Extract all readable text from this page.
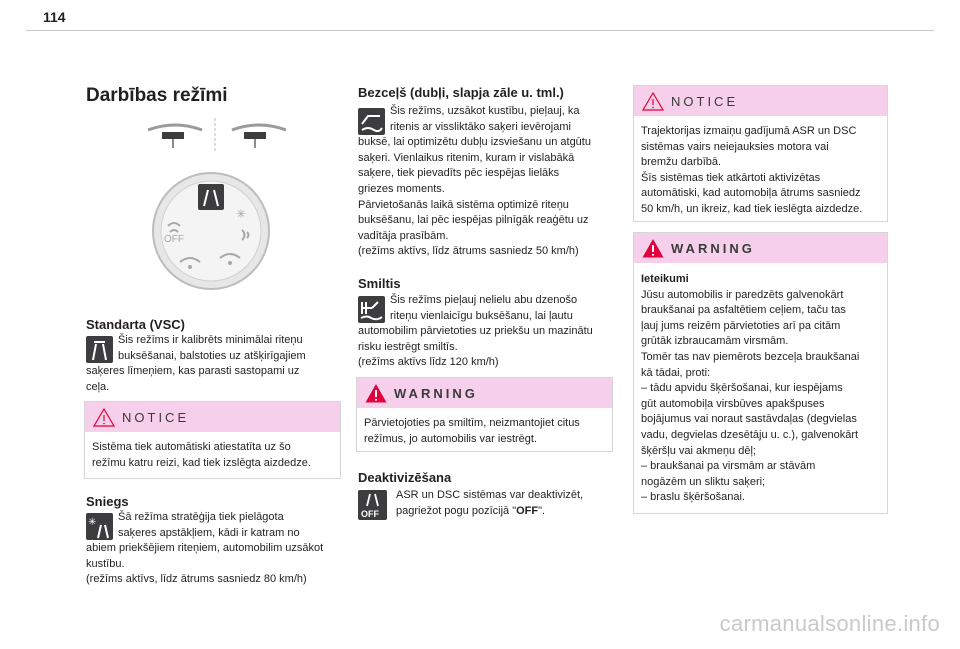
114
Darbības režīmi
✳
OFF
Standarta (VSC)
Šis režīms ir kalibrēts minimālai riteņu
buksēšanai, balstoties uz atšķirīgajiem
saķeres līmeņiem, kas parasti sastopami uz
ceļa.
NOTICE
Sistēma tiek automātiski atiestatīta uz šo
režīmu katru reizi, kad tiek izslēgta aizdedze.
Sniegs
✳	Šā režīma stratēģija tiek pielāgota
saķeres apstākļiem, kādi ir katram no
abiem priekšējiem riteņiem, automobilim uzsākot
kustību.
(režīms aktīvs, līdz ātrums sasniedz 80 km/h)
Bezceļš (dubļi, slapja zāle u. tml.)
Šis režīms, uzsākot kustību, pieļauj, ka
ritenis ar vissliktāko saķeri ievērojami
buksē, lai optimizētu dubļu izsviešanu un atgūtu
saķeri. Vienlaikus ritenim, kuram ir vislabākā
saķere, tiek pievadīts pēc iespējas lielāks
griezes moments.
Pārvietošanās laikā sistēma optimizē riteņu
buksēšanu, lai pēc iespējas pilnīgāk reaģētu uz
vadītāja prasībām.
(režīms aktīvs, līdz ātrums sasniedz 50 km/h)
Smiltis
Šis režīms pieļauj nelielu abu dzenošo
riteņu vienlaicīgu buksēšanu, lai ļautu
automobilim pārvietoties uz priekšu un mazinātu
risku iestrēgt smiltīs.
(režīms aktīvs līdz 120 km/h)
WARNING
Pārvietojoties pa smiltīm, neizmantojiet citus
režīmus, jo automobilis var iestrēgt.
Deaktivizēšana
OFF
ASR un DSC sistēmas var deaktivizēt,
pagriežot pogu pozīcijā "OFF".
NOTICE
Trajektorijas izmaiņu gadījumā ASR un DSC
sistēmas vairs neiejauksies motora vai
bremžu darbībā.
Šīs sistēmas tiek atkārtoti aktivizētas
automātiski, kad automobiļa ātrums sasniedz
50 km/h, un ikreiz, kad tiek ieslēgta aizdedze.
WARNING
Ieteikumi
Jūsu automobilis ir paredzēts galvenokārt
braukšanai pa asfaltētiem ceļiem, taču tas
ļauj jums reizēm pārvietoties arī pa citām
grūtāk izbraucamām virsmām.
Tomēr tas nav piemērots bezceļa braukšanai
kā tādai, proti:
– tādu apvidu šķēršošanai, kur iespējams
gūt automobiļa virsbūves apakšpuses
bojājumus vai noraut sastāvdaļas (degvielas
vadu, degvielas dzesētāju u. c.), galvenokārt
šķēršļu vai akmeņu dēļ;
– braukšanai pa virsmām ar stāvām
nogāzēm un sliktu saķeri;
– braslu šķēršošanai.
carmanualsonline.info
